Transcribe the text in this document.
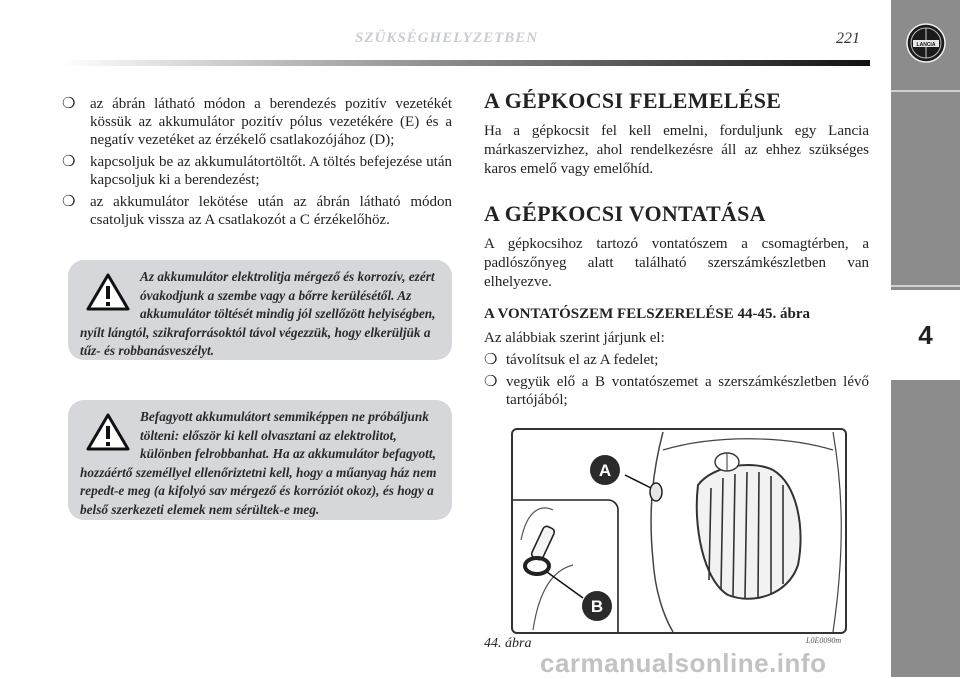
SZÜKSÉGHELYZETBEN	221	LANCIA
4
❍ az ábrán látható módon a berendezés pozitív vezetékét kössük az akkumulátor pozitív pólus vezetékére (E) és a negatív vezetéket az érzékelő csatlakozójához (D);
❍ kapcsoljuk be az akkumulátortöltőt. A töltés befejezése után kapcsoljuk ki a berendezést;
❍ az akkumulátor lekötése után az ábrán látható módon csatoljuk vissza az A csatlakozót a C érzékelőhöz.
Az akkumulátor elektrolitja mérgező és korrozív, ezért óvakodjunk a szembe vagy a bőrre kerülésétől. Az akkumulátor töltését mindig jól szellőzött helyiségben, nyílt lángtól, szikraforrásoktól távol végezzük, hogy elkerüljük a tűz- és robbanásveszélyt.
Befagyott akkumulátort semmiképpen ne próbáljunk tölteni: először ki kell olvasztani az elektrolitot, különben felrobbanhat. Ha az akkumulátor befagyott, hozzáértő személlyel ellenőriztetni kell, hogy a műanyag ház nem repedt-e meg (a kifolyó sav mérgező és korróziót okoz), és hogy a belső szerkezeti elemek nem sérültek-e meg.
A GÉPKOCSI FELEMELÉSE

Ha a gépkocsit fel kell emelni, forduljunk egy Lancia márkaszervizhez, ahol rendelkezésre áll az ehhez szükséges karos emelő vagy emelőhíd.

A GÉPKOCSI VONTATÁSA

A gépkocsihoz tartozó vontatószem a csomagtérben, a padlószőnyeg alatt található szerszámkészletben van elhelyezve.

A VONTATÓSZEM FELSZERELÉSE 44-45. ábra

Az alábbiak szerint járjunk el:

❍ távolítsuk el az A fedelet;
❍ vegyük elő a B vontatószemet a szerszámkészletben lévő tartójából;
A
B
44. ábra	L0E0090m
carmanualsonline.info
